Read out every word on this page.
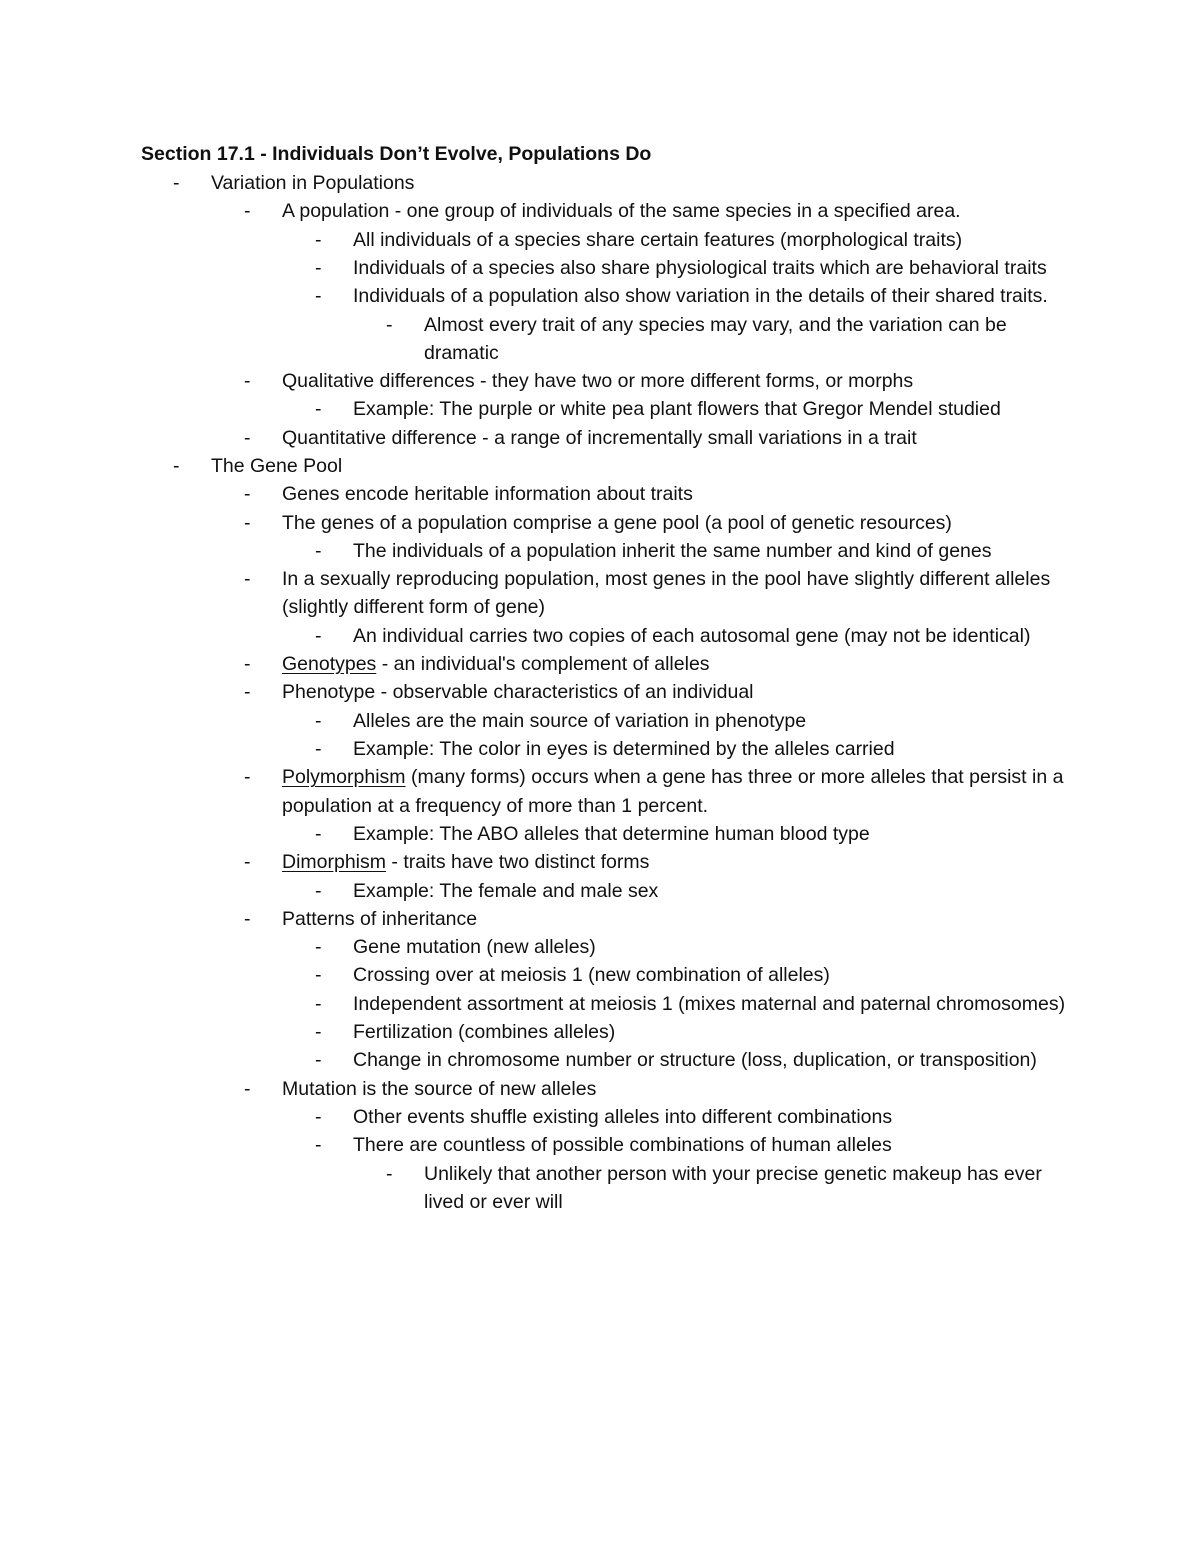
Section 17.1 - Individuals Don’t Evolve, Populations Do
- Variation in Populations
- A population - one group of individuals of the same species in a specified area.
- All individuals of a species share certain features (morphological traits)
- Individuals of a species also share physiological traits which are behavioral traits
- Individuals of a population also show variation in the details of their shared traits.
- Almost every trait of any species may vary, and the variation can be dramatic
- Qualitative differences - they have two or more different forms, or morphs
- Example: The purple or white pea plant flowers that Gregor Mendel studied
- Quantitative difference - a range of incrementally small variations in a trait
- The Gene Pool
- Genes encode heritable information about traits
- The genes of a population comprise a gene pool (a pool of genetic resources)
- The individuals of a population inherit the same number and kind of genes
- In a sexually reproducing population, most genes in the pool have slightly different alleles (slightly different form of gene)
- An individual carries two copies of each autosomal gene (may not be identical)
- Genotypes - an individual's complement of alleles
- Phenotype - observable characteristics of an individual
- Alleles are the main source of variation in phenotype
- Example: The color in eyes is determined by the alleles carried
- Polymorphism (many forms) occurs when a gene has three or more alleles that persist in a population at a frequency of more than 1 percent.
- Example: The ABO alleles that determine human blood type
- Dimorphism - traits have two distinct forms
- Example: The female and male sex
- Patterns of inheritance
- Gene mutation (new alleles)
- Crossing over at meiosis 1 (new combination of alleles)
- Independent assortment at meiosis 1 (mixes maternal and paternal chromosomes)
- Fertilization (combines alleles)
- Change in chromosome number or structure (loss, duplication, or transposition)
- Mutation is the source of new alleles
- Other events shuffle existing alleles into different combinations
- There are countless of possible combinations of human alleles
- Unlikely that another person with your precise genetic makeup has ever lived or ever will
